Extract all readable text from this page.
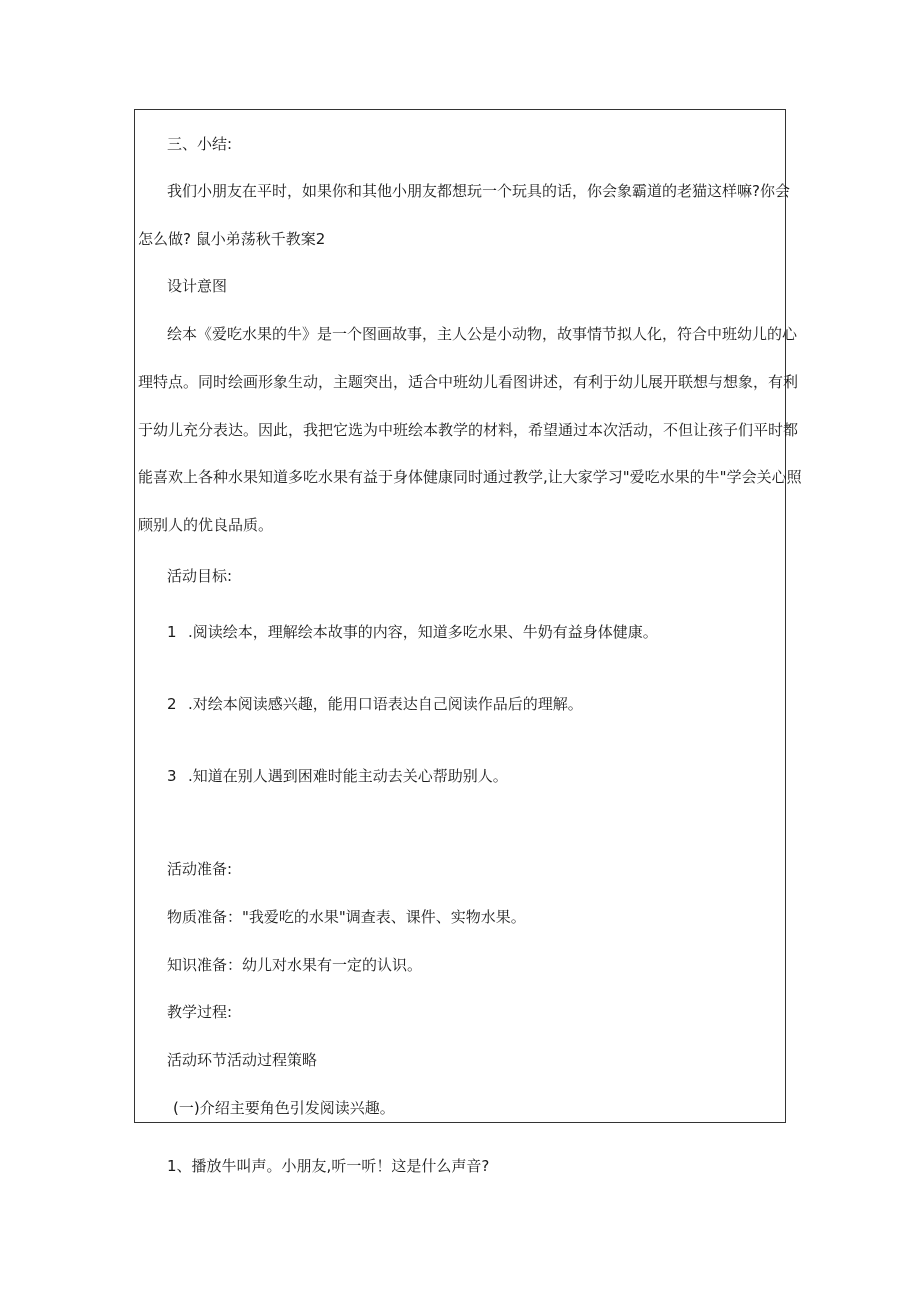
三、小结:
我们小朋友在平时，如果你和其他小朋友都想玩一个玩具的话，你会象霸道的老猫这样嘛?你会
怎么做? 鼠小弟荡秋千教案2
设计意图
绘本《爱吃水果的牛》是一个图画故事，主人公是小动物，故事情节拟人化，符合中班幼儿的心
理特点。同时绘画形象生动，主题突出，适合中班幼儿看图讲述，有利于幼儿展开联想与想象，有利
于幼儿充分表达。因此，我把它选为中班绘本教学的材料，希望通过本次活动，不但让孩子们平时都
能喜欢上各种水果知道多吃水果有益于身体健康同时通过教学,让大家学习"爱吃水果的牛"学会关心照
顾别人的优良品质。
活动目标:
1 .阅读绘本，理解绘本故事的内容，知道多吃水果、牛奶有益身体健康。
2 .对绘本阅读感兴趣，能用口语表达自己阅读作品后的理解。
3 .知道在别人遇到困难时能主动去关心帮助别人。
活动准备:
物质准备："我爱吃的水果"调查表、课件、实物水果。
知识准备：幼儿对水果有一定的认识。
教学过程:
活动环节活动过程策略
(一)介绍主要角色引发阅读兴趣。
1、播放牛叫声。小朋友,听一听！这是什么声音?
